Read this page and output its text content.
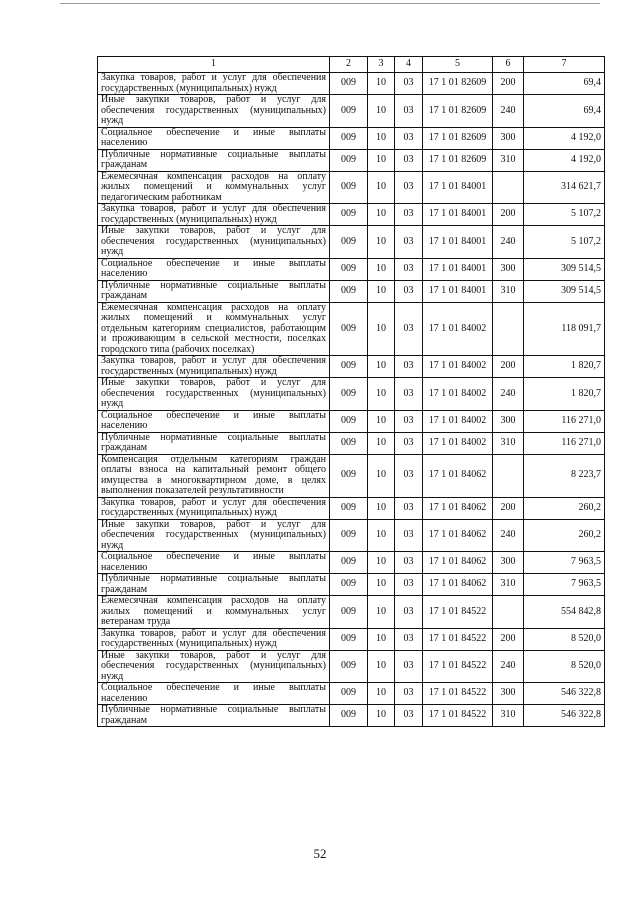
1	2	3	4	5	6	7
Закупка товаров, работ и услуг для обеспечения государственных (муниципальных) нужд	009	10	03	17 1 01 82609	200	69,4
Иные закупки товаров, работ и услуг для обеспечения государственных (муниципальных) нужд	009	10	03	17 1 01 82609	240	69,4
Социальное обеспечение и иные выплаты населению	009	10	03	17 1 01 82609	300	4 192,0
Публичные нормативные социальные выплаты гражданам	009	10	03	17 1 01 82609	310	4 192,0
Ежемесячная компенсация расходов на оплату жилых помещений и коммунальных услуг педагогическим работникам	009	10	03	17 1 01 84001		314 621,7
Закупка товаров, работ и услуг для обеспечения государственных (муниципальных) нужд	009	10	03	17 1 01 84001	200	5 107,2
Иные закупки товаров, работ и услуг для обеспечения государственных (муниципальных) нужд	009	10	03	17 1 01 84001	240	5 107,2
Социальное обеспечение и иные выплаты населению	009	10	03	17 1 01 84001	300	309 514,5
Публичные нормативные социальные выплаты гражданам	009	10	03	17 1 01 84001	310	309 514,5
Ежемесячная компенсация расходов на оплату жилых помещений и коммунальных услуг отдельным категориям специалистов, работающим и проживающим в сельской местности, поселках городского типа (рабочих поселках)	009	10	03	17 1 01 84002		118 091,7
Закупка товаров, работ и услуг для обеспечения государственных (муниципальных) нужд	009	10	03	17 1 01 84002	200	1 820,7
Иные закупки товаров, работ и услуг для обеспечения государственных (муниципальных) нужд	009	10	03	17 1 01 84002	240	1 820,7
Социальное обеспечение и иные выплаты населению	009	10	03	17 1 01 84002	300	116 271,0
Публичные нормативные социальные выплаты гражданам	009	10	03	17 1 01 84002	310	116 271,0
Компенсация отдельным категориям граждан оплаты взноса на капитальный ремонт общего имущества в многоквартирном доме, в целях выполнения показателей результативности	009	10	03	17 1 01 84062		8 223,7
Закупка товаров, работ и услуг для обеспечения государственных (муниципальных) нужд	009	10	03	17 1 01 84062	200	260,2
Иные закупки товаров, работ и услуг для обеспечения государственных (муниципальных) нужд	009	10	03	17 1 01 84062	240	260,2
Социальное обеспечение и иные выплаты населению	009	10	03	17 1 01 84062	300	7 963,5
Публичные нормативные социальные выплаты гражданам	009	10	03	17 1 01 84062	310	7 963,5
Ежемесячная компенсация расходов на оплату жилых помещений и коммунальных услуг ветеранам труда	009	10	03	17 1 01 84522		554 842,8
Закупка товаров, работ и услуг для обеспечения государственных (муниципальных) нужд	009	10	03	17 1 01 84522	200	8 520,0
Иные закупки товаров, работ и услуг для обеспечения государственных (муниципальных) нужд	009	10	03	17 1 01 84522	240	8 520,0
Социальное обеспечение и иные выплаты населению	009	10	03	17 1 01 84522	300	546 322,8
Публичные нормативные социальные выплаты гражданам	009	10	03	17 1 01 84522	310	546 322,8
52
